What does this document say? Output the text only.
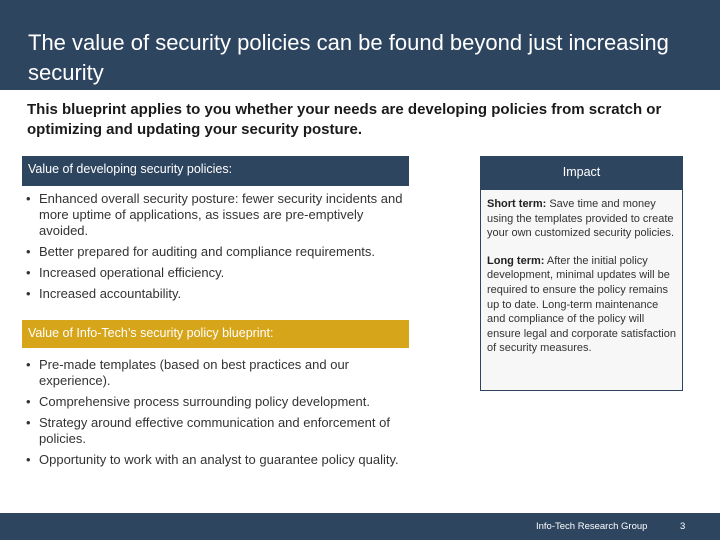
The value of security policies can be found beyond just increasing security
This blueprint applies to you whether your needs are developing policies from scratch or optimizing and updating your security posture.
Value of developing security policies:
• Enhanced overall security posture: fewer security incidents and more uptime of applications, as issues are pre-emptively avoided.
• Better prepared for auditing and compliance requirements.
• Increased operational efficiency.
• Increased accountability.
Value of Info-Tech’s security policy blueprint:
• Pre-made templates (based on best practices and our experience).
• Comprehensive process surrounding policy development.
• Strategy around effective communication and enforcement of policies.
• Opportunity to work with an analyst to guarantee policy quality.
Impact

Short term: Save time and money using the templates provided to create your own customized security policies.

Long term: After the initial policy development, minimal updates will be required to ensure the policy remains up to date. Long-term maintenance and compliance of the policy will ensure legal and corporate satisfaction of security measures.

Info-Tech Research Group	3
